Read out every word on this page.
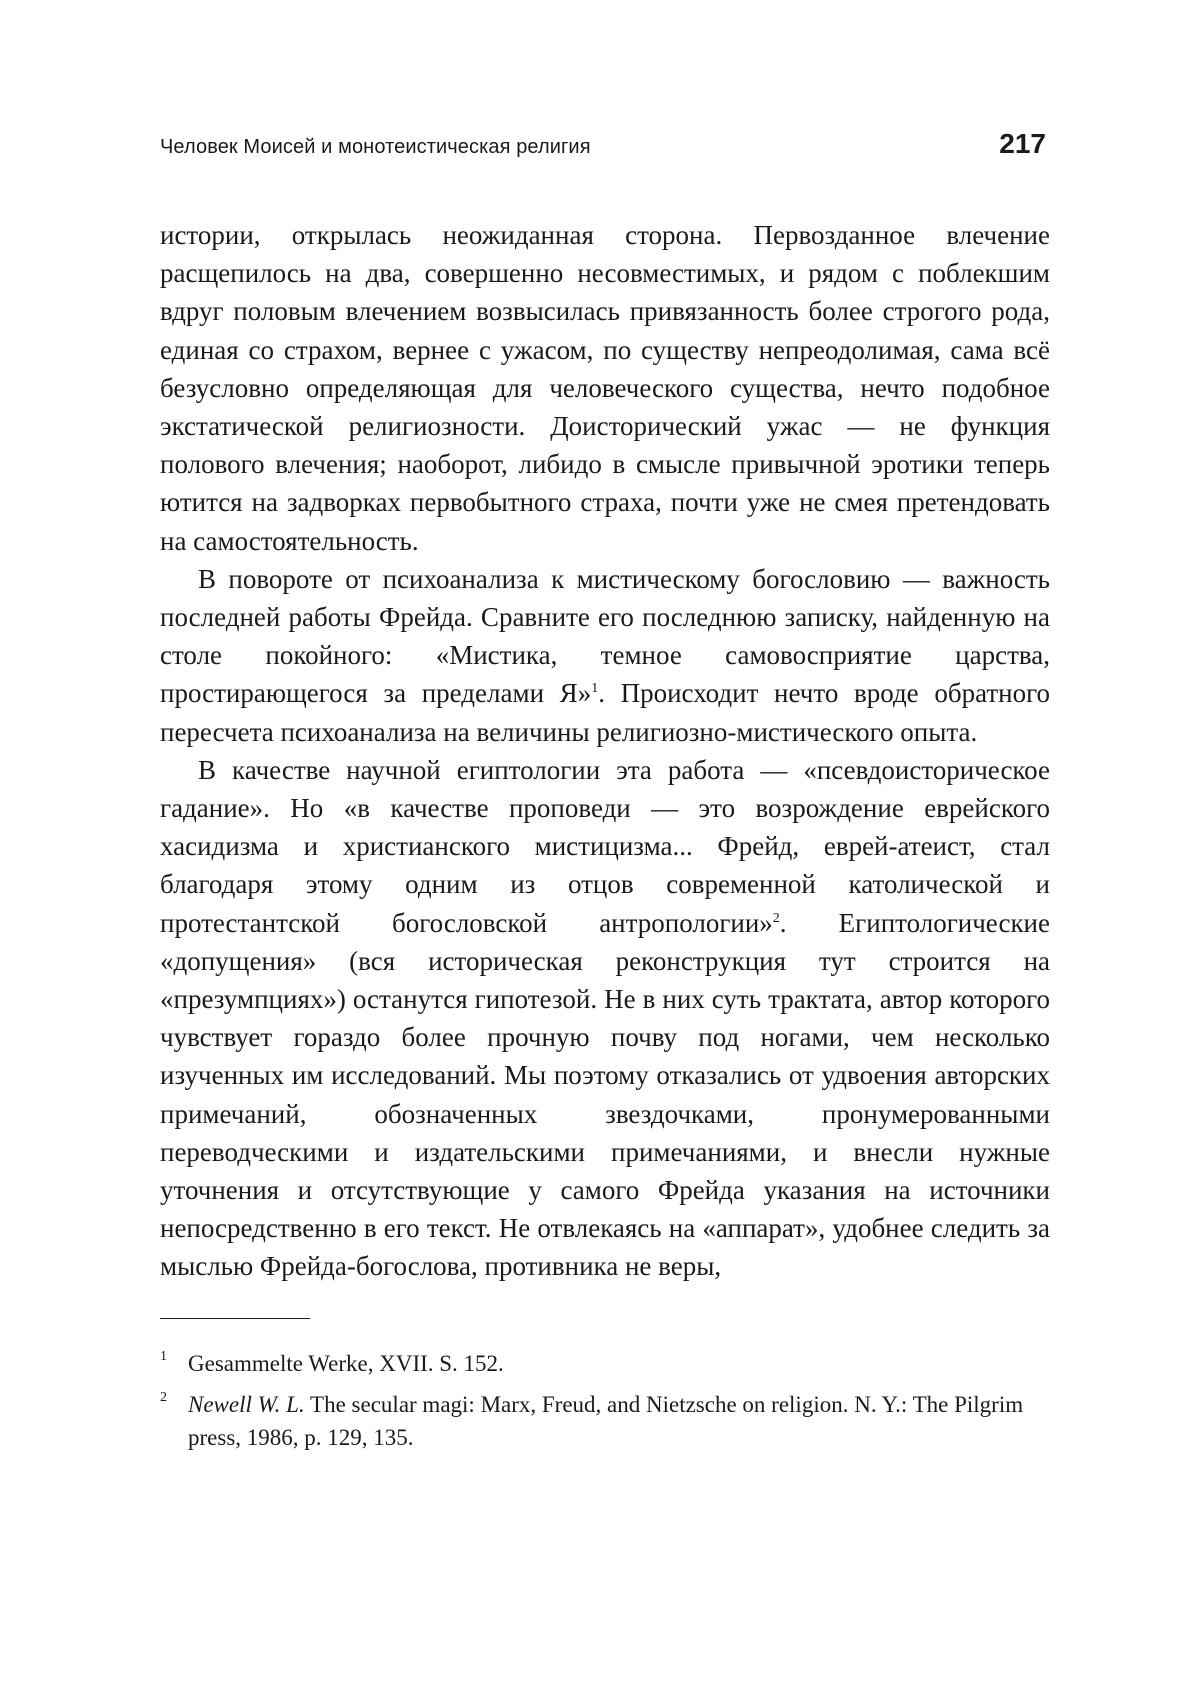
Человек Моисей и монотеистическая религия	217

истории, открылась неожиданная сторона. Первозданное влечение расщепилось на два, совершенно несовместимых, и рядом с поблекшим вдруг половым влечением возвысилась привязанность более строгого рода, единая со страхом, вернее с ужасом, по существу непреодолимая, сама всё безусловно определяющая для человеческого существа, нечто подобное экстатической религиозности. Доисторический ужас — не функция полового влечения; наоборот, либидо в смысле привычной эротики теперь ютится на задворках первобытного страха, почти уже не смея претендовать на самостоятельность.

В повороте от психоанализа к мистическому богословию — важность последней работы Фрейда. Сравните его последнюю записку, найденную на столе покойного: «Мистика, темное самовосприятие царства, простирающегося за пределами Я»$^1$. Происходит нечто вроде обратного пересчета психоанализа на величины религиозно-мистического опыта.

В качестве научной египтологии эта работа — «псевдоисторическое гадание». Но «в качестве проповеди — это возрождение еврейского хасидизма и христианского мистицизма... Фрейд, еврей-атеист, стал благодаря этому одним из отцов современной католической и протестантской богословской антропологии»$^2$. Египтологические «допущения» (вся историческая реконструкция тут строится на «презумпциях») останутся гипотезой. Не в них суть трактата, автор которого чувствует гораздо более прочную почву под ногами, чем несколько изученных им исследований. Мы поэтому отказались от удвоения авторских примечаний, обозначенных звездочками, пронумерованными переводческими и издательскими примечаниями, и внесли нужные уточнения и отсутствующие у самого Фрейда указания на источники непосредственно в его текст. Не отвлекаясь на «аппарат», удобнее следить за мыслью Фрейда-богослова, противника не веры,

1 Gesammelte Werke, XVII. S. 152.
2 Newell W. L. The secular magi: Marx, Freud, and Nietzsche on religion. N. Y.: The Pilgrim press, 1986, p. 129, 135.
